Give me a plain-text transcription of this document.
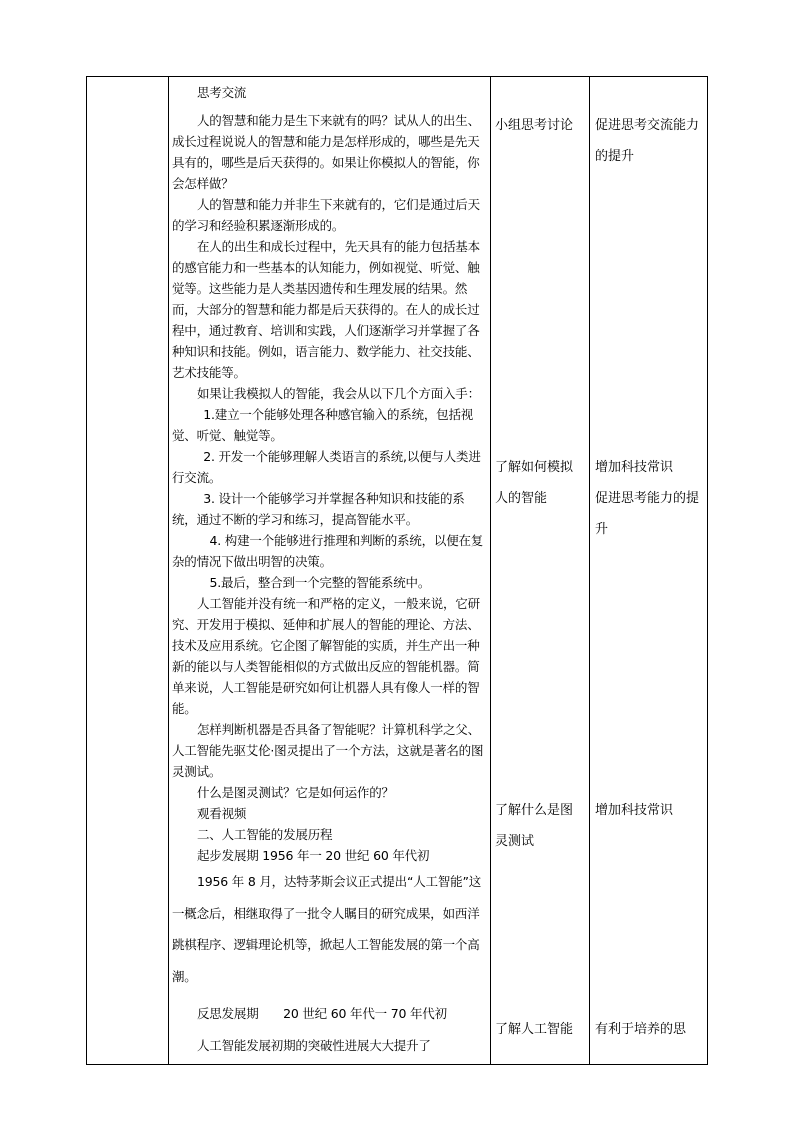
思考交流

人的智慧和能力是生下来就有的吗？试从人的出生、成长过程说说人的智慧和能力是怎样形成的，哪些是先天具有的，哪些是后天获得的。如果让你模拟人的智能，你会怎样做？

人的智慧和能力并非生下来就有的，它们是通过后天的学习和经验积累逐渐形成的。

在人的出生和成长过程中，先天具有的能力包括基本的感官能力和一些基本的认知能力，例如视觉、听觉、触觉等。这些能力是人类基因遗传和生理发展的结果。然而，大部分的智慧和能力都是后天获得的。在人的成长过程中，通过教育、培训和实践，人们逐渐学习并掌握了各种知识和技能。例如，语言能力、数学能力、社交技能、艺术技能等。

如果让我模拟人的智能，我会从以下几个方面入手：

1.建立一个能够处理各种感官输入的系统，包括视觉、听觉、触觉等。

2. 开发一个能够理解人类语言的系统,以便与人类进行交流。

3. 设计一个能够学习并掌握各种知识和技能的系统，通过不断的学习和练习，提高智能水平。

4. 构建一个能够进行推理和判断的系统，以便在复杂的情况下做出明智的决策。

5.最后，整合到一个完整的智能系统中。

人工智能并没有统一和严格的定义，一般来说，它研究、开发用于模拟、延伸和扩展人的智能的理论、方法、技术及应用系统。它企图了解智能的实质，并生产出一种新的能以与人类智能相似的方式做出反应的智能机器。简单来说，人工智能是研究如何让机器人具有像人一样的智能。

怎样判断机器是否具备了智能呢？计算机科学之父、人工智能先驱艾伦·图灵提出了一个方法，这就是著名的图灵测试。

什么是图灵测试？它是如何运作的？

观看视频

二、人工智能的发展历程

起步发展期 1956 年一 20 世纪 60 年代初

1956 年 8 月，达特茅斯会议正式提出“人工智能”这一概念后，相继取得了一批令人瞩目的研究成果，如西洋跳棋程序、逻辑理论机等，掀起人工智能发展的第一个高潮。

反思发展期　　20 世纪 60 年代一 70 年代初

人工智能发展初期的突破性进展大大提升了

小组思考讨论

了解如何模拟人的智能

了解什么是图灵测试

了解人工智能

促进思考交流能力的提升

增加科技常识

促进思考能力的提升

增加科技常识

有利于培养的思
